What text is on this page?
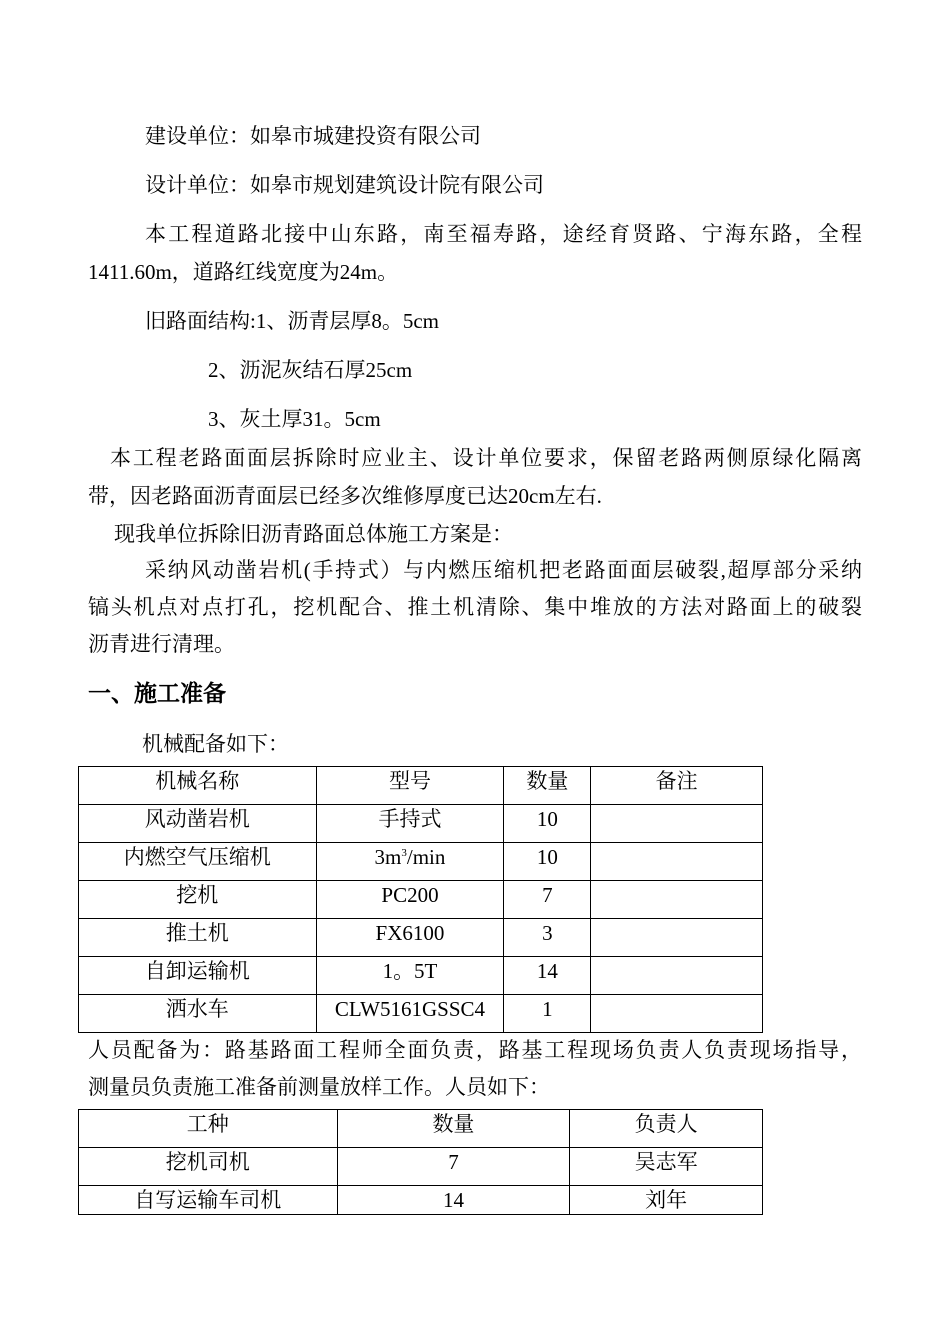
建设单位：如皋市城建投资有限公司
设计单位：如皋市规划建筑设计院有限公司
本工程道路北接中山东路，南至福寿路，途经育贤路、宁海东路，全程
1411.60m，道路红线宽度为24m。
旧路面结构:1、沥青层厚8。5cm
2、沥泥灰结石厚25cm
3、灰土厚31。5cm
本工程老路面面层拆除时应业主、设计单位要求，保留老路两侧原绿化隔离
带，因老路面沥青面层已经多次维修厚度已达20cm左右.
现我单位拆除旧沥青路面总体施工方案是：
采纳风动凿岩机(手持式）与内燃压缩机把老路面面层破裂,超厚部分采纳
镐头机点对点打孔，挖机配合、推土机清除、集中堆放的方法对路面上的破裂
沥青进行清理。
一、施工准备
机械配备如下：
机械名称	型号	数量	备注
风动凿岩机	手持式	10	
内燃空气压缩机	$3m^3/\min$	10	
挖机	PC200	7	
推土机	FX6100	3	
自卸运输机	1。5T	14	
洒水车	CLW5161GSSC4	1	
人员配备为：路基路面工程师全面负责，路基工程现场负责人负责现场指导，
测量员负责施工准备前测量放样工作。人员如下：
工种	数量	负责人
挖机司机	7	吴志军
自写运输车司机	14	刘年
